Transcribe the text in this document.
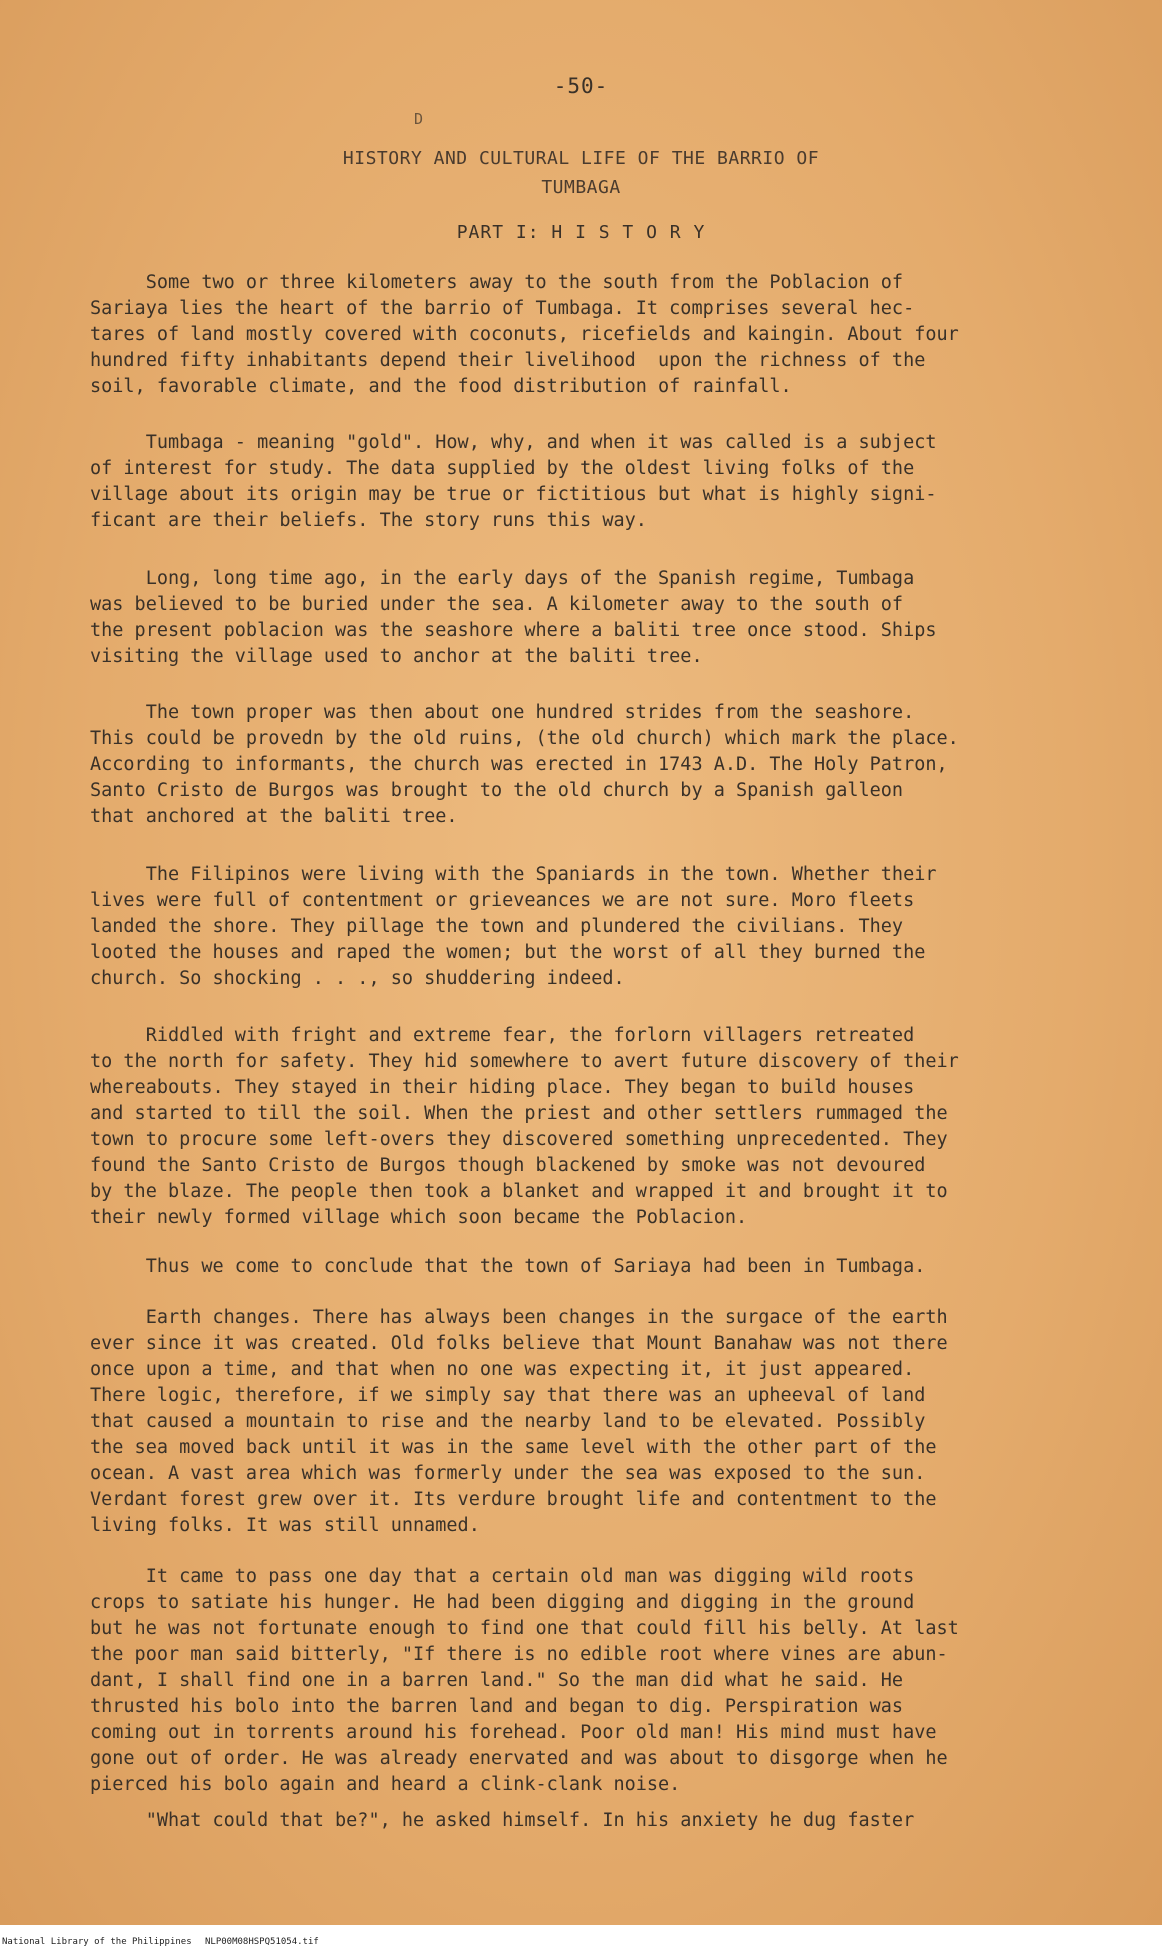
-50-
D
HISTORY AND CULTURAL LIFE OF THE BARRIO OF
TUMBAGA
PART I: H I S T O R Y
Some two or three kilometers away to the south from the Poblacion of
Sariaya lies the heart of the barrio of Tumbaga. It comprises several hec-
tares of land mostly covered with coconuts, ricefields and kaingin. About four
hundred fifty inhabitants depend their livelihood  upon the richness of the
soil, favorable climate, and the food distribution of rainfall.
Tumbaga - meaning "gold". How, why, and when it was called is a subject
of interest for study. The data supplied by the oldest living folks of the
village about its origin may be true or fictitious but what is highly signi-
ficant are their beliefs. The story runs this way.
Long, long time ago, in the early days of the Spanish regime, Tumbaga
was believed to be buried under the sea. A kilometer away to the south of
the present poblacion was the seashore where a baliti tree once stood. Ships
visiting the village used to anchor at the baliti tree.
The town proper was then about one hundred strides from the seashore.
This could be provedn by the old ruins, (the old church) which mark the place.
According to informants, the church was erected in 1743 A.D. The Holy Patron,
Santo Cristo de Burgos was brought to the old church by a Spanish galleon
that anchored at the baliti tree.
The Filipinos were living with the Spaniards in the town. Whether their
lives were full of contentment or grieveances we are not sure. Moro fleets
landed the shore. They pillage the town and plundered the civilians. They
looted the houses and raped the women; but the worst of all they burned the
church. So shocking . . ., so shuddering indeed.
Riddled with fright and extreme fear, the forlorn villagers retreated
to the north for safety. They hid somewhere to avert future discovery of their
whereabouts. They stayed in their hiding place. They began to build houses
and started to till the soil. When the priest and other settlers rummaged the
town to procure some left-overs they discovered something unprecedented. They
found the Santo Cristo de Burgos though blackened by smoke was not devoured
by the blaze. The people then took a blanket and wrapped it and brought it to
their newly formed village which soon became the Poblacion.
Thus we come to conclude that the town of Sariaya had been in Tumbaga.
Earth changes. There has always been changes in the surgace of the earth
ever since it was created. Old folks believe that Mount Banahaw was not there
once upon a time, and that when no one was expecting it, it just appeared.
There logic, therefore, if we simply say that there was an upheeval of land
that caused a mountain to rise and the nearby land to be elevated. Possibly
the sea moved back until it was in the same level with the other part of the
ocean. A vast area which was formerly under the sea was exposed to the sun.
Verdant forest grew over it. Its verdure brought life and contentment to the
living folks. It was still unnamed.
It came to pass one day that a certain old man was digging wild roots
crops to satiate his hunger. He had been digging and digging in the ground
but he was not fortunate enough to find one that could fill his belly. At last
the poor man said bitterly, "If there is no edible root where vines are abun-
dant, I shall find one in a barren land." So the man did what he said. He
thrusted his bolo into the barren land and began to dig. Perspiration was
coming out in torrents around his forehead. Poor old man! His mind must have
gone out of order. He was already enervated and was about to disgorge when he
pierced his bolo again and heard a clink-clank noise.
"What could that be?", he asked himself. In his anxiety he dug faster
National Library of the Philippines NLP00M08HSPQ51054.tif
